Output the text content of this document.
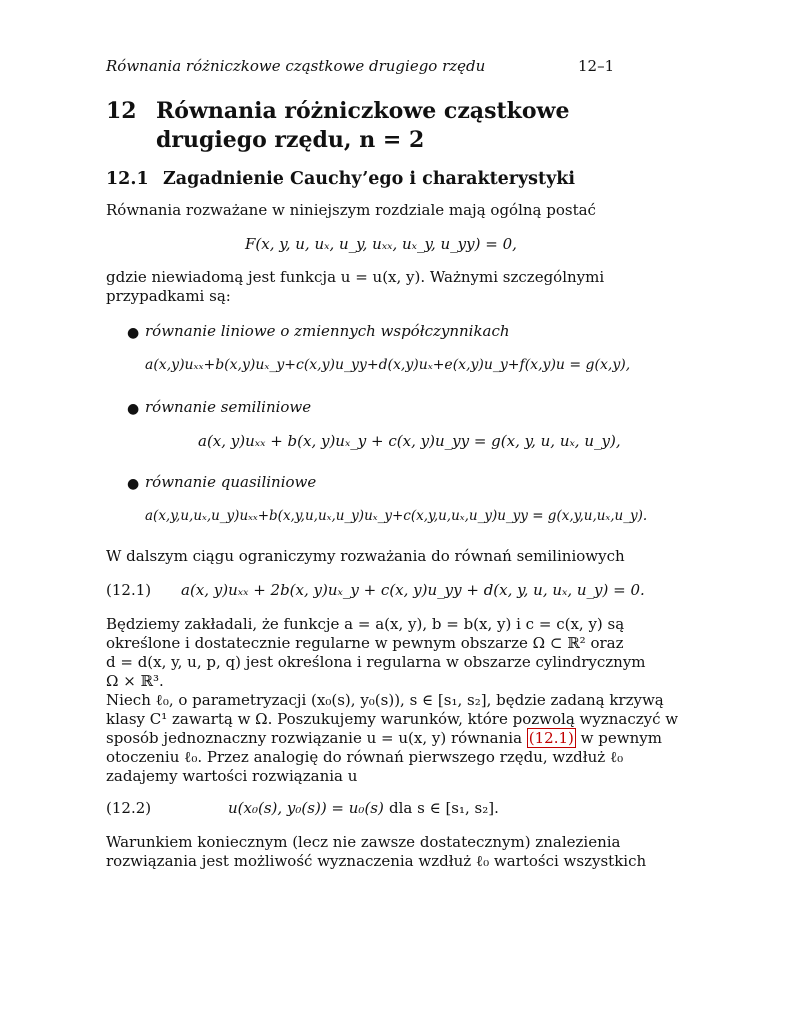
Równania różniczkowe cząstkowe drugiego rzędu	12–1
12 Równania różniczkowe cząstkowe
drugiego rzędu, n = 2
12.1 Zagadnienie Cauchy’ego i charakterystyki
Równania rozważane w niniejszym rozdziale mają ogólną postać
F(x, y, u, uₓ, u_y, uₓₓ, uₓ_y, u_yy) = 0,
gdzie niewiadomą jest funkcja u = u(x, y). Ważnymi szczególnymi
przypadkami są:
● równanie liniowe o zmiennych współczynnikach
a(x,y)uₓₓ+b(x,y)uₓ_y+c(x,y)u_yy+d(x,y)uₓ+e(x,y)u_y+f(x,y)u = g(x,y),
● równanie semiliniowe
a(x, y)uₓₓ + b(x, y)uₓ_y + c(x, y)u_yy = g(x, y, u, uₓ, u_y),
● równanie quasiliniowe
a(x,y,u,uₓ,u_y)uₓₓ+b(x,y,u,uₓ,u_y)uₓ_y+c(x,y,u,uₓ,u_y)u_yy = g(x,y,u,uₓ,u_y).
W dalszym ciągu ograniczymy rozważania do równań semiliniowych
(12.1) a(x, y)uₓₓ + 2b(x, y)uₓ_y + c(x, y)u_yy + d(x, y, u, uₓ, u_y) = 0.
Będziemy zakładali, że funkcje a = a(x, y), b = b(x, y) i c = c(x, y) są
określone i dostatecznie regularne w pewnym obszarze Ω ⊂ ℝ² oraz
d = d(x, y, u, p, q) jest określona i regularna w obszarze cylindrycznym
Ω × ℝ³.
Niech ℓ₀, o parametryzacji (x₀(s), y₀(s)), s ∈ [s₁, s₂], będzie zadaną krzywą
klasy C¹ zawartą w Ω. Poszukujemy warunków, które pozwolą wyznaczyć w
sposób jednoznaczny rozwiązanie u = u(x, y) równania (12.1) w pewnym
otoczeniu ℓ₀. Przez analogię do równań pierwszego rzędu, wzdłuż ℓ₀
zadajemy wartości rozwiązania u
(12.2)	u(x₀(s), y₀(s)) = u₀(s) dla s ∈ [s₁, s₂].
Warunkiem koniecznym (lecz nie zawsze dostatecznym) znalezienia
rozwiązania jest możliwość wyznaczenia wzdłuż ℓ₀ wartości wszystkich
